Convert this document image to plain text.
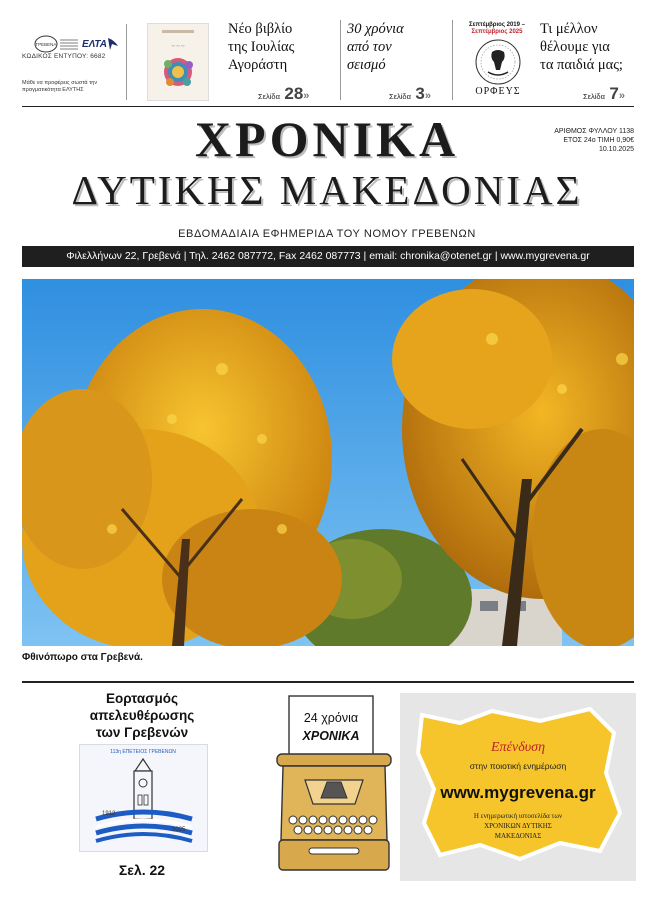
ΓΡΕΒΕΝΑ	ΕΛΤΑ
ΚΩΔΙΚΟΣ ΕΝΤΥΠΟΥ: 6682
Μάθε να προφέρεις σωστά την πραγματικότητα ΕΛΥΤΗΣ
~ ~ ~
Νέο βιβλίο
της Ιουλίας
Αγοράστη
Σελίδα 28»
30 χρόνια
από τον
σεισμό
Σελίδα 3»
Σεπτέμβριος 2019 –
Σεπτέμβριος 2025
ΟΡΦΕΥΣ
Τι μέλλον
θέλουμε για
τα παιδιά μας;
Σελίδα 7»
ΧΡΟΝΙΚΑ
ΔΥΤΙΚΗΣ ΜΑΚΕΔΟΝΙΑΣ
ΑΡΙΘΜΟΣ ΦΥΛΛΟΥ 1138
ΕΤΟΣ 24ο ΤΙΜΗ 0,90€
10.10.2025
ΕΒΔΟΜΑΔΙΑΙΑ ΕΦΗΜΕΡΙΔΑ ΤΟΥ ΝΟΜΟΥ ΓΡΕΒΕΝΩΝ
Φιλελλήνων 22, Γρεβενά | Τηλ. 2462 087772, Fax 2462 087773 | email: chronika@otenet.gr | www.mygrevena.gr
Φθινόπωρο στα Γρεβενά.
Εορτασμός
απελευθέρωσης
των Γρεβενών
113η ΕΠΕΤΕΙΟΣ ΓΡΕΒΕΝΩΝ
1912
2025
Σελ. 22
24 χρόνια
ΧΡΟΝΙΚΑ
Επένδυση
στην ποιοτική ενημέρωση
www.mygrevena.gr
Η ενημερωτική ιστοσελίδα των
ΧΡΟΝΙΚΩΝ ΔΥΤΙΚΗΣ
ΜΑΚΕΔΟΝΙΑΣ
